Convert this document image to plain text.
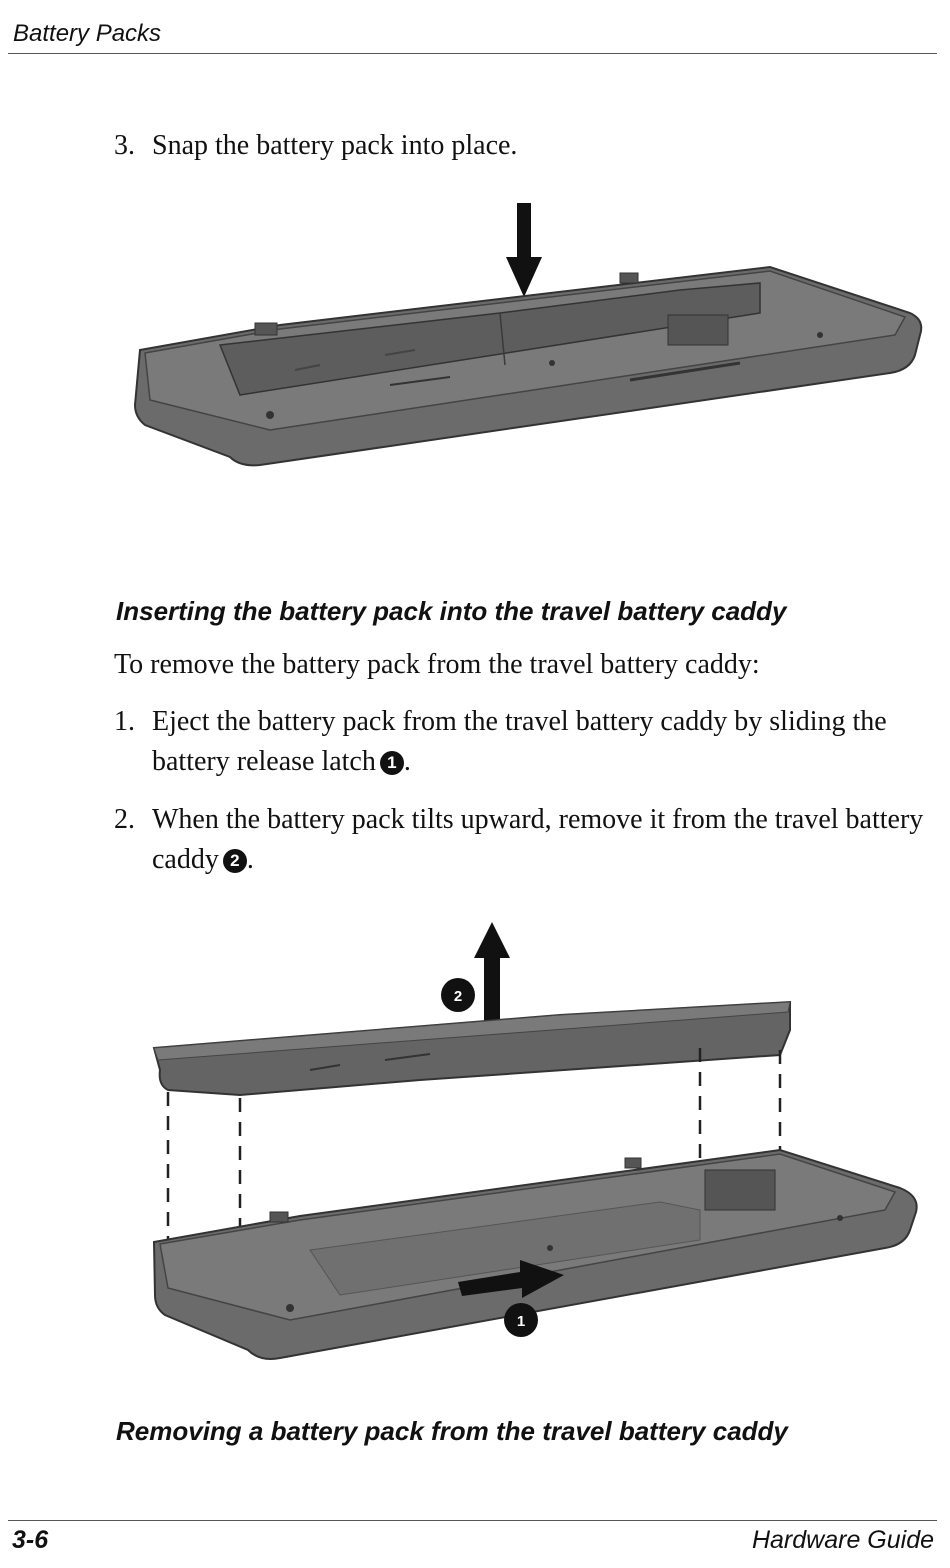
Battery Packs
3. Snap the battery pack into place.
Inserting the battery pack into the travel battery caddy
To remove the battery pack from the travel battery caddy:
1. Eject the battery pack from the travel battery caddy by sliding the battery release latch 1 .
2. When the battery pack tilts upward, remove it from the travel battery caddy 2 .
2
1
Removing a battery pack from the travel battery caddy
3-6	Hardware Guide
